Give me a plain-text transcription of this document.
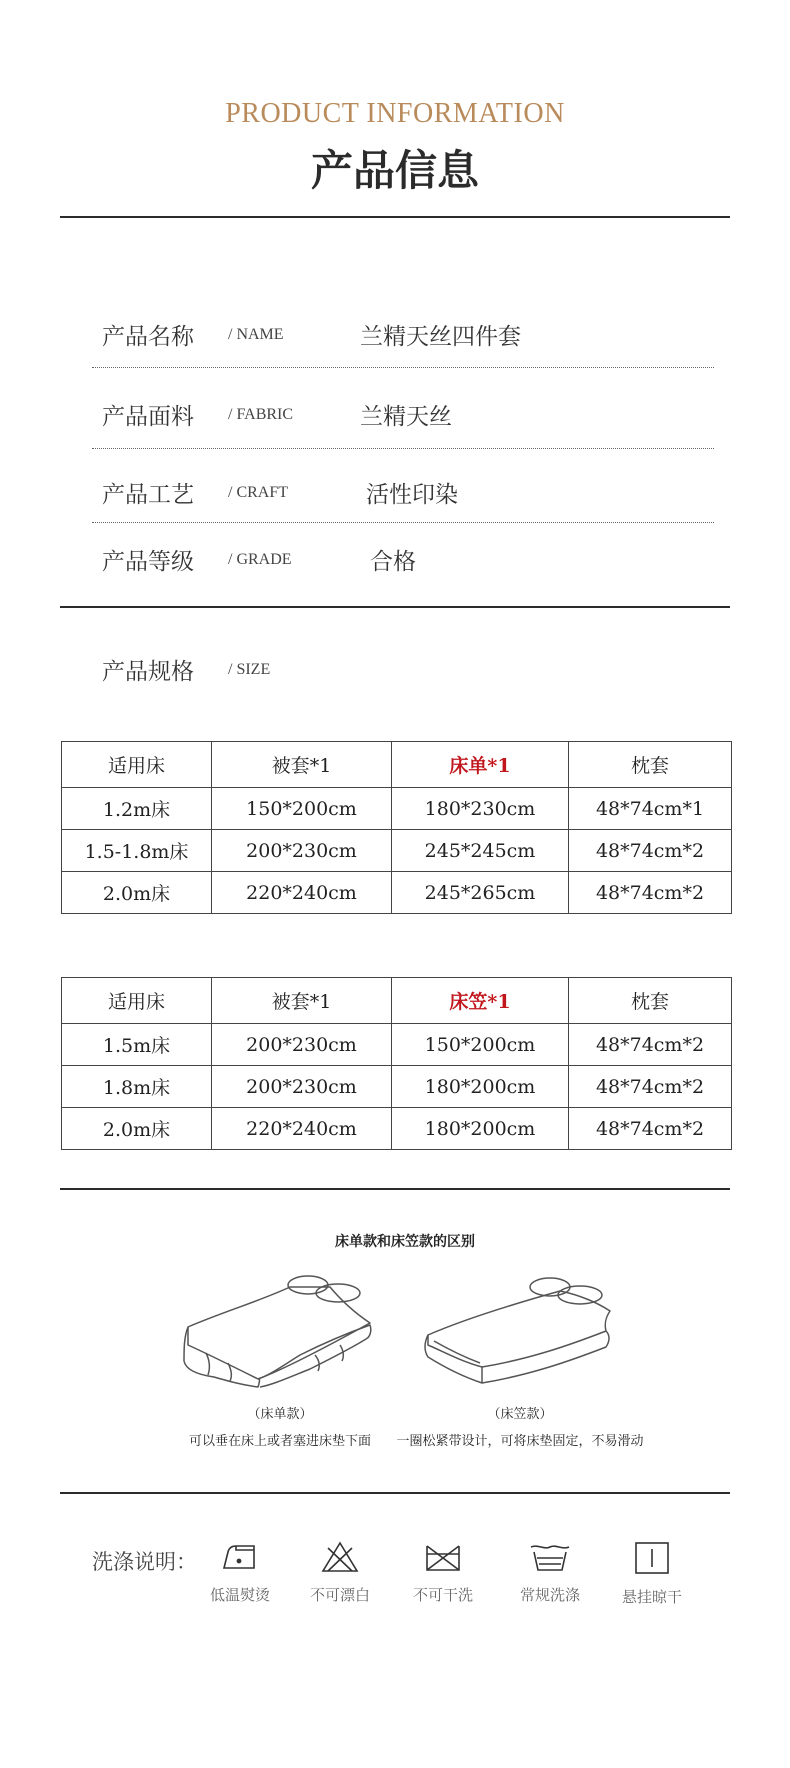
PRODUCT INFORMATION
产品信息
产品名称 / NAME	兰精天丝四件套
产品面料 / FABRIC	兰精天丝
产品工艺 / CRAFT	活性印染
产品等级 / GRADE	合格
产品规格 / SIZE
适用床	被套*1	床单*1	枕套
1.2m床	150*200cm	180*230cm	48*74cm*1
1.5-1.8m床	200*230cm	245*245cm	48*74cm*2
2.0m床	220*240cm	245*265cm	48*74cm*2
适用床	被套*1	床笠*1	枕套
1.5m床	200*230cm	150*200cm	48*74cm*2
1.8m床	200*230cm	180*200cm	48*74cm*2
2.0m床	220*240cm	180*200cm	48*74cm*2
床单款和床笠款的区别
（床单款）
可以垂在床上或者塞进床垫下面
（床笠款）
一圈松紧带设计，可将床垫固定，不易滑动
洗涤说明：
低温熨烫	不可漂白	不可干洗	常规洗涤	悬挂晾干
